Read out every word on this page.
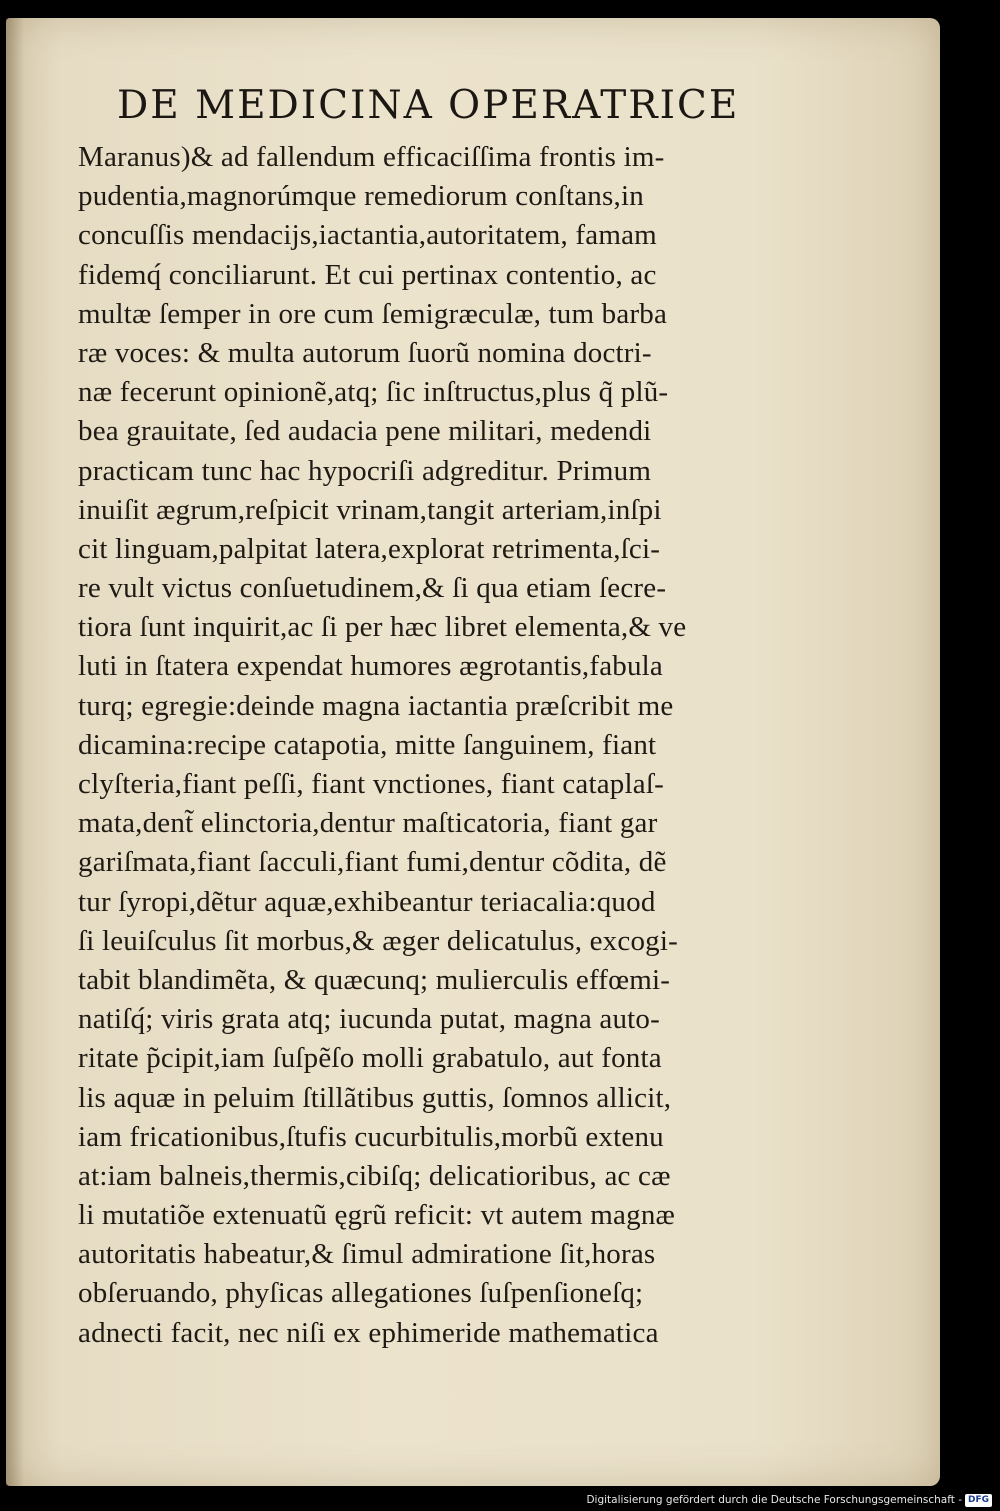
DE MEDICINA OPERATRICE
Maranus)& ad fallendum efficaciſſima frontis im-
pudentia,magnorúmque remediorum conſtans,in
concuſſis mendacijs,iactantia,autoritatem, famam
fidemq́ conciliarunt. Et cui pertinax contentio, ac
multæ ſemper in ore cum ſemigræculæ, tum barba
ræ voces: & multa autorum ſuorũ nomina doctri-
næ fecerunt opinionẽ,atq; ſic inſtructus,plus q̃ plũ-
bea grauitate, ſed audacia pene militari, medendi
practicam tunc hac hypocriſi adgreditur. Primum
inuiſit ægrum,reſpicit vrinam,tangit arteriam,inſpi
cit linguam,palpitat latera,explorat retrimenta,ſci-
re vult victus conſuetudinem,& ſi qua etiam ſecre-
tiora ſunt inquirit,ac ſi per hæc libret elementa,& ve
luti in ſtatera expendat humores ægrotantis,fabula
turq; egregie:deinde magna iactantia præſcribit me
dicamina:recipe catapotia, mitte ſanguinem, fiant
clyſteria,fiant peſſi, fiant vnctiones, fiant cataplaſ-
mata,dent̃ elinctoria,dentur maſticatoria, fiant gar
gariſmata,fiant ſacculi,fiant fumi,dentur cõdita, dẽ
tur ſyropi,dẽtur aquæ,exhibeantur teriacalia:quod
ſi leuiſculus ſit morbus,& æger delicatulus, excogi-
tabit blandimẽta, & quæcunq; mulierculis effœmi-
natiſq́; viris grata atq; iucunda putat, magna auto-
ritate p̃cipit,iam ſuſpẽſo molli grabatulo, aut fonta
lis aquæ in peluim ſtillãtibus guttis, ſomnos allicit,
iam fricationibus,ſtufis cucurbitulis,morbũ extenu
at:iam balneis,thermis,cibiſq; delicatioribus, ac cæ
li mutatiõe extenuatũ ęgrũ reficit: vt autem magnæ
autoritatis habeatur,& ſimul admiratione ſit,horas
obſeruando, phyſicas allegationes ſuſpenſioneſq;
adnecti facit, nec niſi ex ephimeride mathematica
Digitalisierung gefördert durch die Deutsche Forschungsgemeinschaft - DFG
